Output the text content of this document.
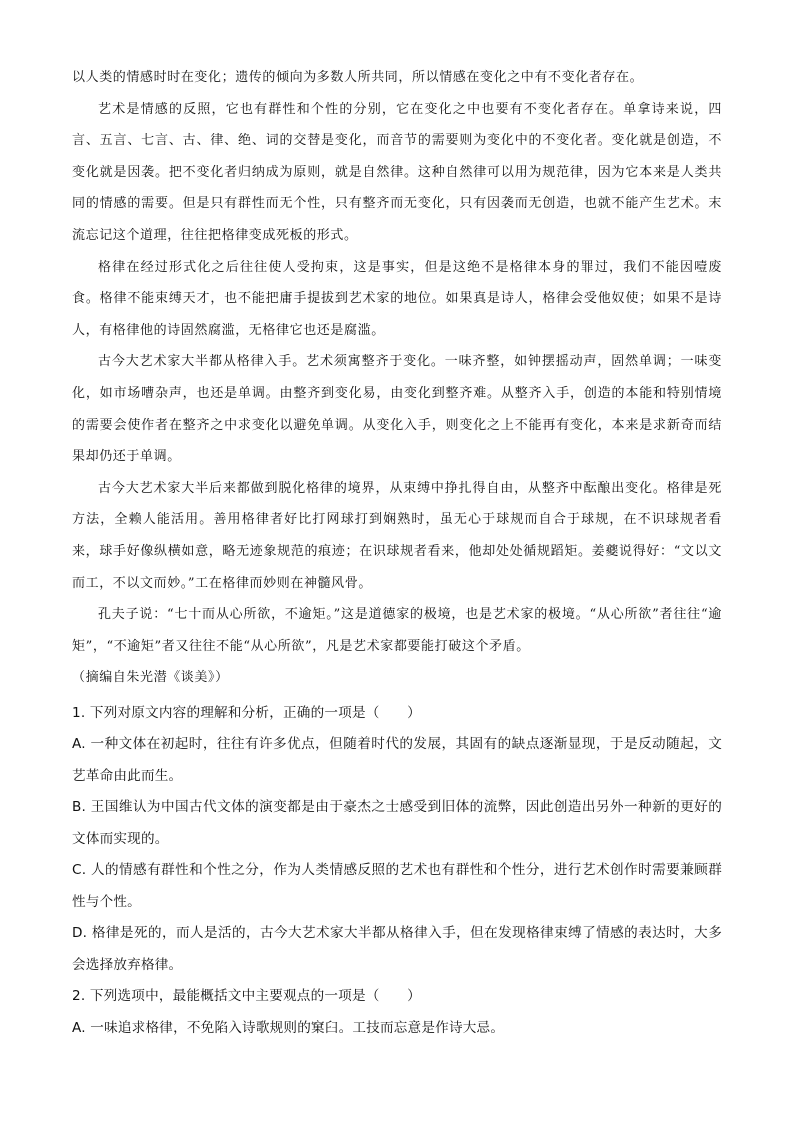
以人类的情感时时在变化；遗传的倾向为多数人所共同，所以情感在变化之中有不变化者存在。

艺术是情感的反照，它也有群性和个性的分别，它在变化之中也要有不变化者存在。单拿诗来说，四言、五言、七言、古、律、绝、词的交替是变化，而音节的需要则为变化中的不变化者。变化就是创造，不变化就是因袭。把不变化者归纳成为原则，就是自然律。这种自然律可以用为规范律，因为它本来是人类共同的情感的需要。但是只有群性而无个性，只有整齐而无变化，只有因袭而无创造，也就不能产生艺术。末流忘记这个道理，往往把格律变成死板的形式。

格律在经过形式化之后往往使人受拘束，这是事实，但是这绝不是格律本身的罪过，我们不能因噎废食。格律不能束缚天才，也不能把庸手提拔到艺术家的地位。如果真是诗人，格律会受他奴使；如果不是诗人，有格律他的诗固然腐滥，无格律它也还是腐滥。

古今大艺术家大半都从格律入手。艺术须寓整齐于变化。一味齐整，如钟摆摇动声，固然单调；一味变化，如市场嘈杂声，也还是单调。由整齐到变化易，由变化到整齐难。从整齐入手，创造的本能和特别情境的需要会使作者在整齐之中求变化以避免单调。从变化入手，则变化之上不能再有变化，本来是求新奇而结果却仍还于单调。

古今大艺术家大半后来都做到脱化格律的境界，从束缚中挣扎得自由，从整齐中酝酿出变化。格律是死方法，全赖人能活用。善用格律者好比打网球打到娴熟时，虽无心于球规而自合于球规，在不识球规者看来，球手好像纵横如意，略无迹象规范的痕迹；在识球规者看来，他却处处循规蹈矩。姜夔说得好：“文以文而工，不以文而妙。”工在格律而妙则在神髓风骨。

孔夫子说：“七十而从心所欲，不逾矩。”这是道德家的极境，也是艺术家的极境。“从心所欲”者往往“逾矩”，“不逾矩”者又往往不能“从心所欲”，凡是艺术家都要能打破这个矛盾。

（摘编自朱光潜《谈美》）

1. 下列对原文内容的理解和分析，正确的一项是（　　）

A. 一种文体在初起时，往往有许多优点，但随着时代的发展，其固有的缺点逐渐显现，于是反动随起，文艺革命由此而生。

B. 王国维认为中国古代文体的演变都是由于豪杰之士感受到旧体的流弊，因此创造出另外一种新的更好的文体而实现的。

C. 人的情感有群性和个性之分，作为人类情感反照的艺术也有群性和个性分，进行艺术创作时需要兼顾群性与个性。

D. 格律是死的，而人是活的，古今大艺术家大半都从格律入手，但在发现格律束缚了情感的表达时，大多会选择放弃格律。

2. 下列选项中，最能概括文中主要观点的一项是（　　）

A. 一味追求格律，不免陷入诗歌规则的窠臼。工技而忘意是作诗大忌。
